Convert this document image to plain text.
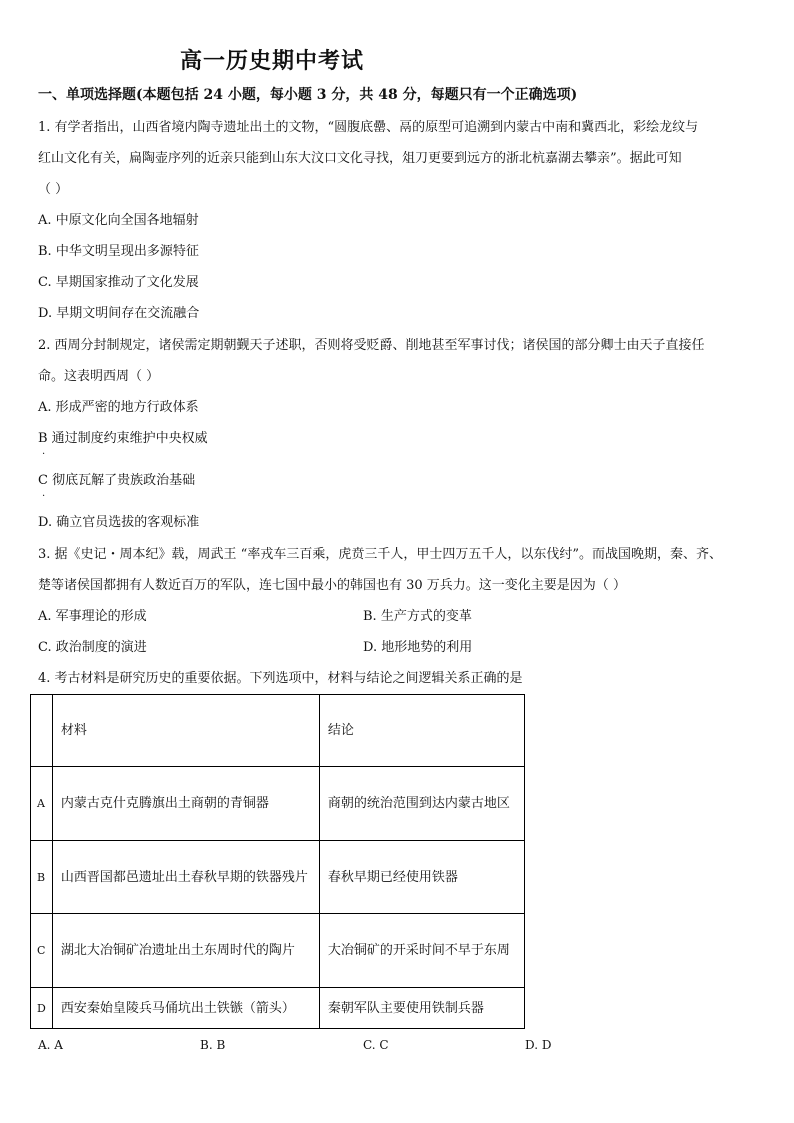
高一历史期中考试
一、单项选择题(本题包括 24 小题，每小题 3 分，共 48 分，每题只有一个正确选项)
1. 有学者指出，山西省境内陶寺遗址出土的文物，“圆腹底罍、鬲的原型可追溯到内蒙古中南和冀西北，彩绘龙纹与
红山文化有关，扁陶壶序列的近亲只能到山东大汶口文化寻找，俎刀更要到远方的浙北杭嘉湖去攀亲”。据此可知
（ ）
A. 中原文化向全国各地辐射
B. 中华文明呈现出多源特征
C. 早期国家推动了文化发展
D. 早期文明间存在交流融合
2. 西周分封制规定，诸侯需定期朝觐天子述职，否则将受贬爵、削地甚至军事讨伐；诸侯国的部分卿士由天子直接任
命。这表明西周（ ）
A. 形成严密的地方行政体系
B 通过制度约束维护中央权威
.
C 彻底瓦解了贵族政治基础
.
D. 确立官员选拔的客观标准
3. 据《史记・周本纪》载，周武王 “率戎车三百乘，虎贲三千人，甲士四万五千人，以东伐纣”。而战国晚期，秦、齐、
楚等诸侯国都拥有人数近百万的军队，连七国中最小的韩国也有 30 万兵力。这一变化主要是因为（ ）
A. 军事理论的形成	B. 生产方式的变革
C. 政治制度的演进	D. 地形地势的利用
4. 考古材料是研究历史的重要依据。下列选项中，材料与结论之间逻辑关系正确的是
	材料	结论
A	内蒙古克什克腾旗出土商朝的青铜器	商朝的统治范围到达内蒙古地区
B	山西晋国都邑遗址出土春秋早期的铁器残片	春秋早期已经使用铁器
C	湖北大冶铜矿冶遗址出土东周时代的陶片	大冶铜矿的开采时间不早于东周
D	西安秦始皇陵兵马俑坑出土铁镞（箭头）	秦朝军队主要使用铁制兵器
A. A	B. B	C. C	D. D
